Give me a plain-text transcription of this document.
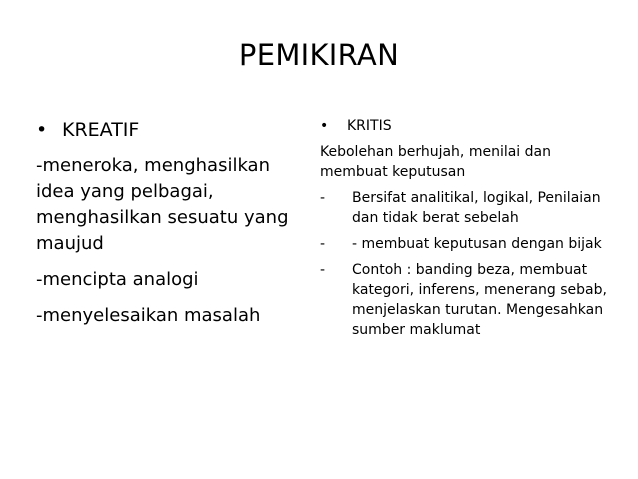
PEMIKIRAN
• KREATIF

-meneroka, menghasilkan idea yang pelbagai, menghasilkan sesuatu yang maujud

-mencipta analogi

-menyelesaikan masalah

• KRITIS

Kebolehan berhujah, menilai dan membuat keputusan

- Bersifat analitikal, logikal, Penilaian dan tidak berat sebelah
- - membuat keputusan dengan bijak
- Contoh : banding beza, membuat kategori, inferens, menerang sebab, menjelaskan turutan. Mengesahkan sumber maklumat
